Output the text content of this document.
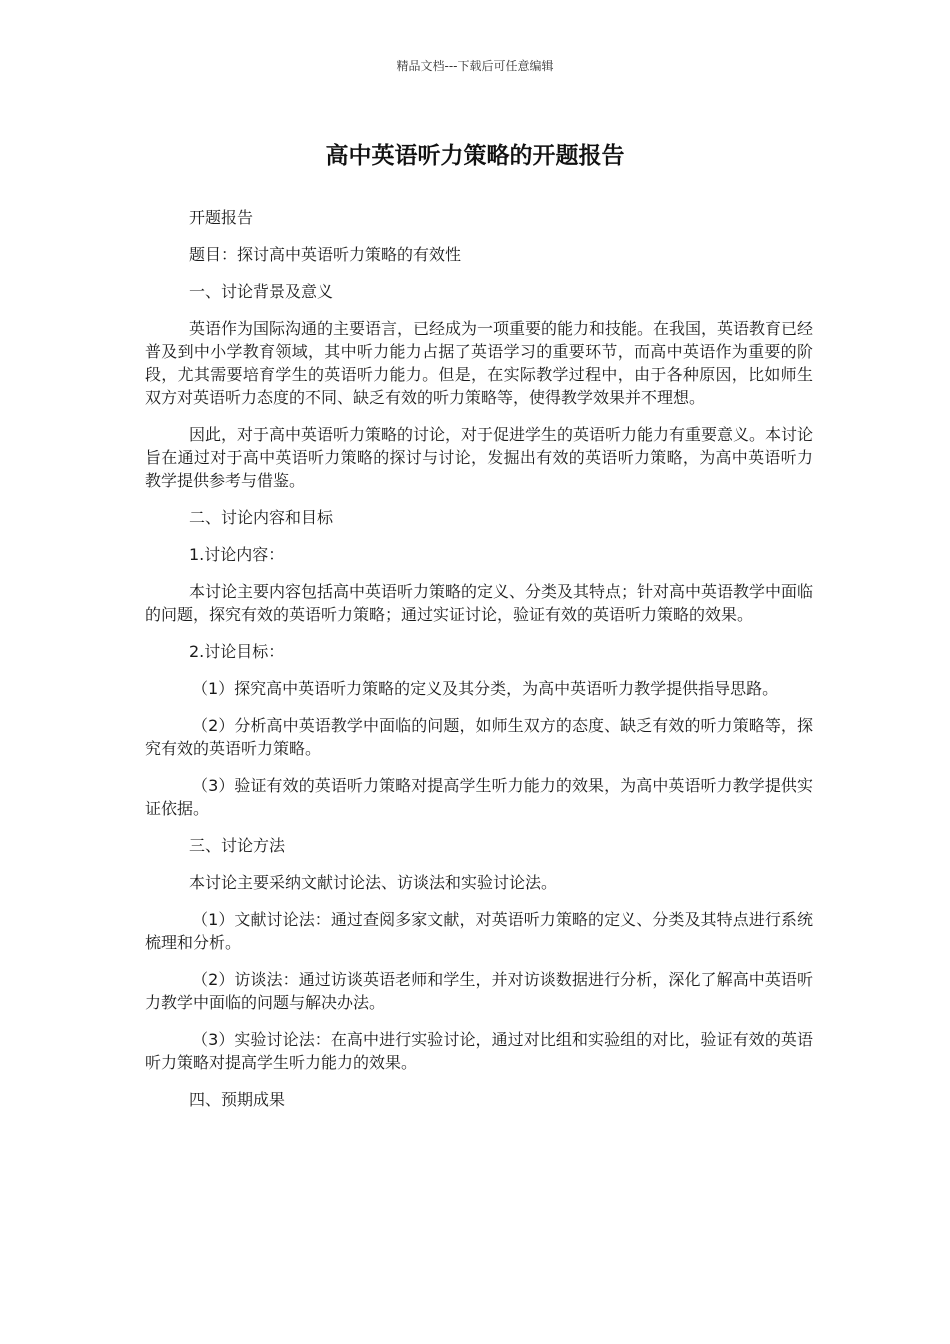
精品文档---下载后可任意编辑
高中英语听力策略的开题报告

开题报告

题目：探讨高中英语听力策略的有效性

一、讨论背景及意义

英语作为国际沟通的主要语言，已经成为一项重要的能力和技能。在我国，英语教育已经普及到中小学教育领域，其中听力能力占据了英语学习的重要环节，而高中英语作为重要的阶段，尤其需要培育学生的英语听力能力。但是，在实际教学过程中，由于各种原因，比如师生双方对英语听力态度的不同、缺乏有效的听力策略等，使得教学效果并不理想。

因此，对于高中英语听力策略的讨论，对于促进学生的英语听力能力有重要意义。本讨论旨在通过对于高中英语听力策略的探讨与讨论，发掘出有效的英语听力策略，为高中英语听力教学提供参考与借鉴。

二、讨论内容和目标

1.讨论内容：

本讨论主要内容包括高中英语听力策略的定义、分类及其特点；针对高中英语教学中面临的问题，探究有效的英语听力策略；通过实证讨论，验证有效的英语听力策略的效果。

2.讨论目标：

（1）探究高中英语听力策略的定义及其分类，为高中英语听力教学提供指导思路。

（2）分析高中英语教学中面临的问题，如师生双方的态度、缺乏有效的听力策略等，探究有效的英语听力策略。

（3）验证有效的英语听力策略对提高学生听力能力的效果，为高中英语听力教学提供实证依据。

三、讨论方法

本讨论主要采纳文献讨论法、访谈法和实验讨论法。

（1）文献讨论法：通过查阅多家文献，对英语听力策略的定义、分类及其特点进行系统梳理和分析。

（2）访谈法：通过访谈英语老师和学生，并对访谈数据进行分析，深化了解高中英语听力教学中面临的问题与解决办法。

（3）实验讨论法：在高中进行实验讨论，通过对比组和实验组的对比，验证有效的英语听力策略对提高学生听力能力的效果。

四、预期成果
